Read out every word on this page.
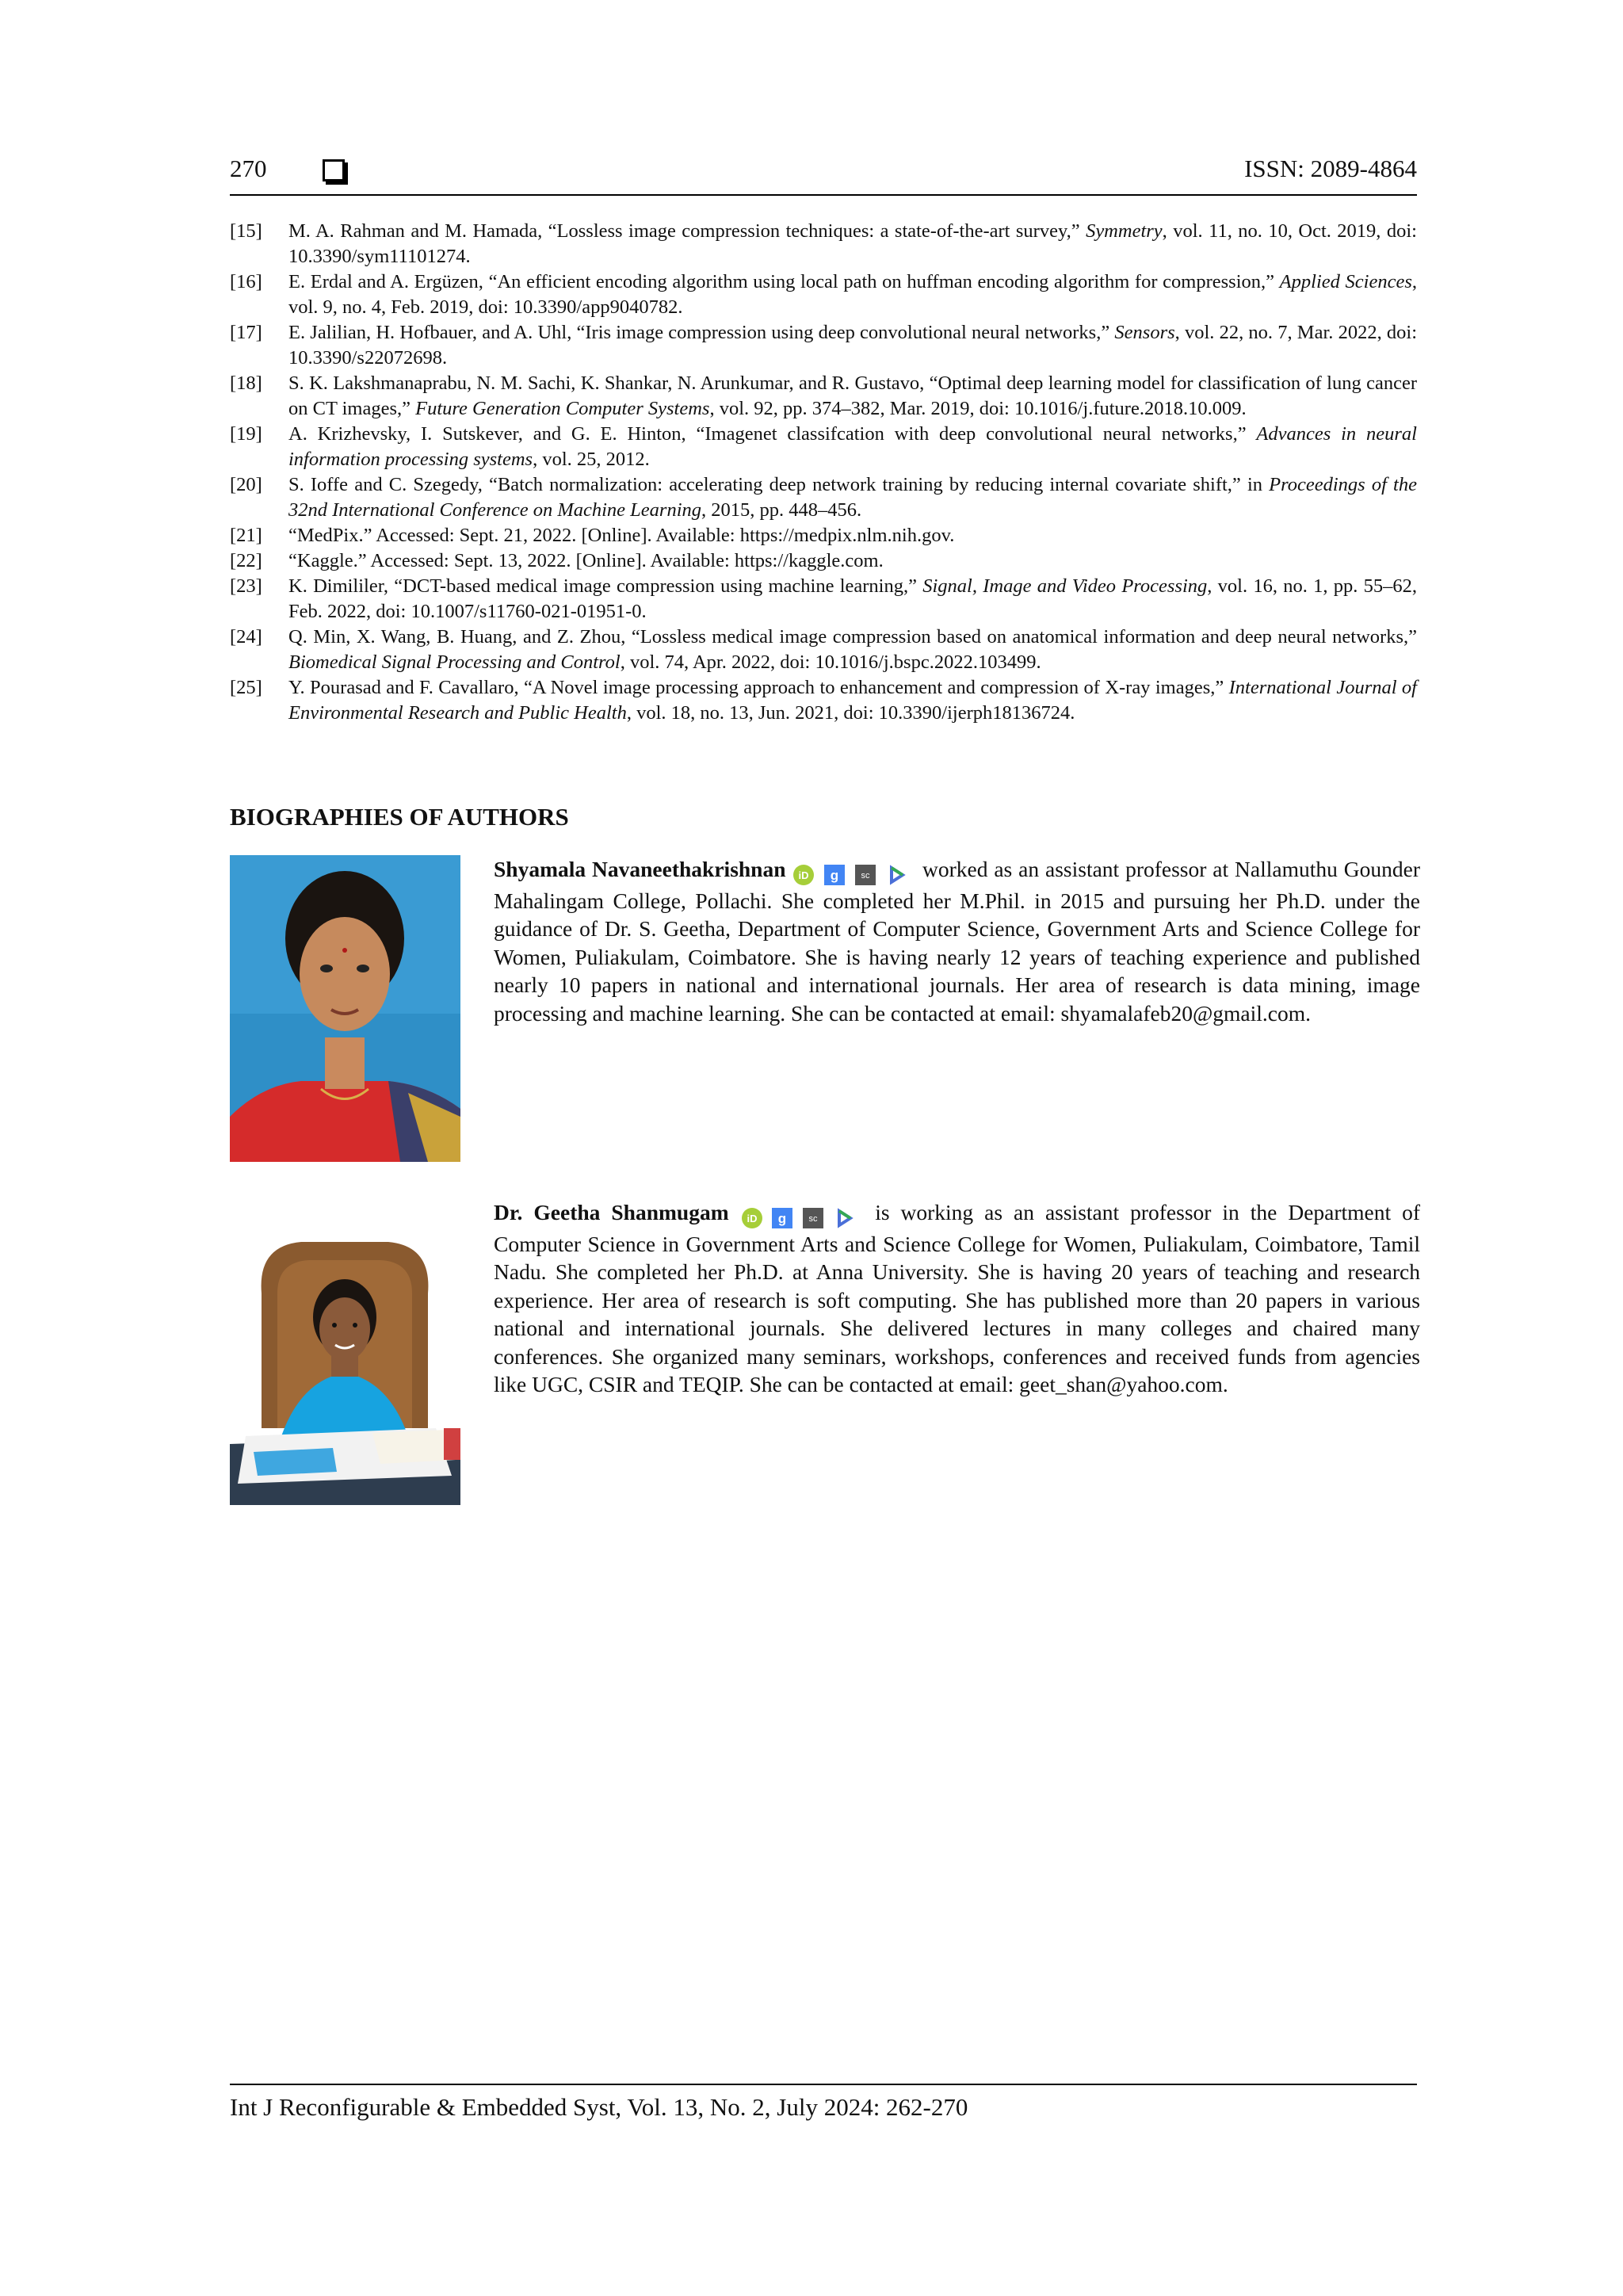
270	ISSN: 2089-4864
[15]	M. A. Rahman and M. Hamada, “Lossless image compression techniques: a state-of-the-art survey,” Symmetry, vol. 11, no. 10, Oct. 2019, doi: 10.3390/sym11101274.
[16]	E. Erdal and A. Ergüzen, “An efficient encoding algorithm using local path on huffman encoding algorithm for compression,” Applied Sciences, vol. 9, no. 4, Feb. 2019, doi: 10.3390/app9040782.
[17]	E. Jalilian, H. Hofbauer, and A. Uhl, “Iris image compression using deep convolutional neural networks,” Sensors, vol. 22, no. 7, Mar. 2022, doi: 10.3390/s22072698.
[18]	S. K. Lakshmanaprabu, N. M. Sachi, K. Shankar, N. Arunkumar, and R. Gustavo, “Optimal deep learning model for classification of lung cancer on CT images,” Future Generation Computer Systems, vol. 92, pp. 374–382, Mar. 2019, doi: 10.1016/j.future.2018.10.009.
[19]	A. Krizhevsky, I. Sutskever, and G. E. Hinton, “Imagenet classifcation with deep convolutional neural networks,” Advances in neural information processing systems, vol. 25, 2012.
[20]	S. Ioffe and C. Szegedy, “Batch normalization: accelerating deep network training by reducing internal covariate shift,” in Proceedings of the 32nd International Conference on Machine Learning, 2015, pp. 448–456.
[21]	“MedPix.” Accessed: Sept. 21, 2022. [Online]. Available: https://medpix.nlm.nih.gov.
[22]	“Kaggle.” Accessed: Sept. 13, 2022. [Online]. Available: https://kaggle.com.
[23]	K. Dimililer, “DCT-based medical image compression using machine learning,” Signal, Image and Video Processing, vol. 16, no. 1, pp. 55–62, Feb. 2022, doi: 10.1007/s11760-021-01951-0.
[24]	Q. Min, X. Wang, B. Huang, and Z. Zhou, “Lossless medical image compression based on anatomical information and deep neural networks,” Biomedical Signal Processing and Control, vol. 74, Apr. 2022, doi: 10.1016/j.bspc.2022.103499.
[25]	Y. Pourasad and F. Cavallaro, “A Novel image processing approach to enhancement and compression of X-ray images,” International Journal of Environmental Research and Public Health, vol. 18, no. 13, Jun. 2021, doi: 10.3390/ijerph18136724.
BIOGRAPHIES OF AUTHORS
Shyamala Navaneethakrishnan iD
g
	sc worked as an assistant professor at Nallamuthu Gounder Mahalingam College, Pollachi. She completed her M.Phil. in 2015 and pursuing her Ph.D. under the guidance of Dr. S. Geetha, Department of Computer Science, Government Arts and Science College for Women, Puliakulam, Coimbatore. She is having nearly 12 years of teaching experience and published nearly 10 papers in national and international journals. Her area of research is data mining, image processing and machine learning. She can be contacted at email: shyamalafeb20@gmail.com.
Dr. Geetha Shanmugam iD
g
	sc	is working as an assistant professor in the Department of Computer Science in Government Arts and Science College for Women, Puliakulam, Coimbatore, Tamil Nadu. She completed her Ph.D. at Anna University. She is having 20 years of teaching and research experience. Her area of research is soft computing. She has published more than 20 papers in various national and international journals. She delivered lectures in many colleges and chaired many conferences. She organized many seminars, workshops, conferences and received funds from agencies like UGC, CSIR and TEQIP. She can be contacted at email: geet_shan@yahoo.com.
Int J Reconfigurable & Embedded Syst, Vol. 13, No. 2, July 2024: 262-270
